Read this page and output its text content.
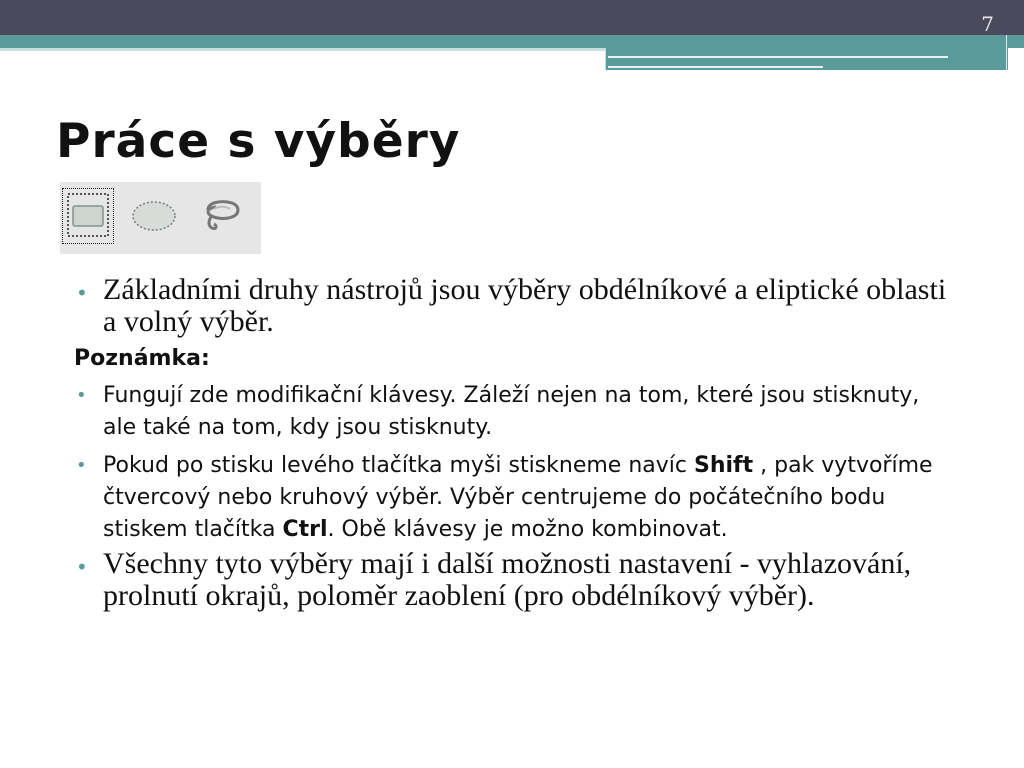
7
Práce s výběry

• Základními druhy nástrojů jsou výběry obdélníkové a eliptické oblasti a volný výběr.

Poznámka:

• Fungují zde modifikační klávesy. Záleží nejen na tom, které jsou stisknuty, ale také na tom, kdy jsou stisknuty.

• Pokud po stisku levého tlačítka myši stiskneme navíc Shift , pak vytvoříme čtvercový nebo kruhový výběr. Výběr centrujeme do počátečního bodu stiskem tlačítka Ctrl. Obě klávesy je možno kombinovat.

• Všechny tyto výběry mají i další možnosti nastavení - vyhlazování, prolnutí okrajů, poloměr zaoblení (pro obdélníkový výběr).
